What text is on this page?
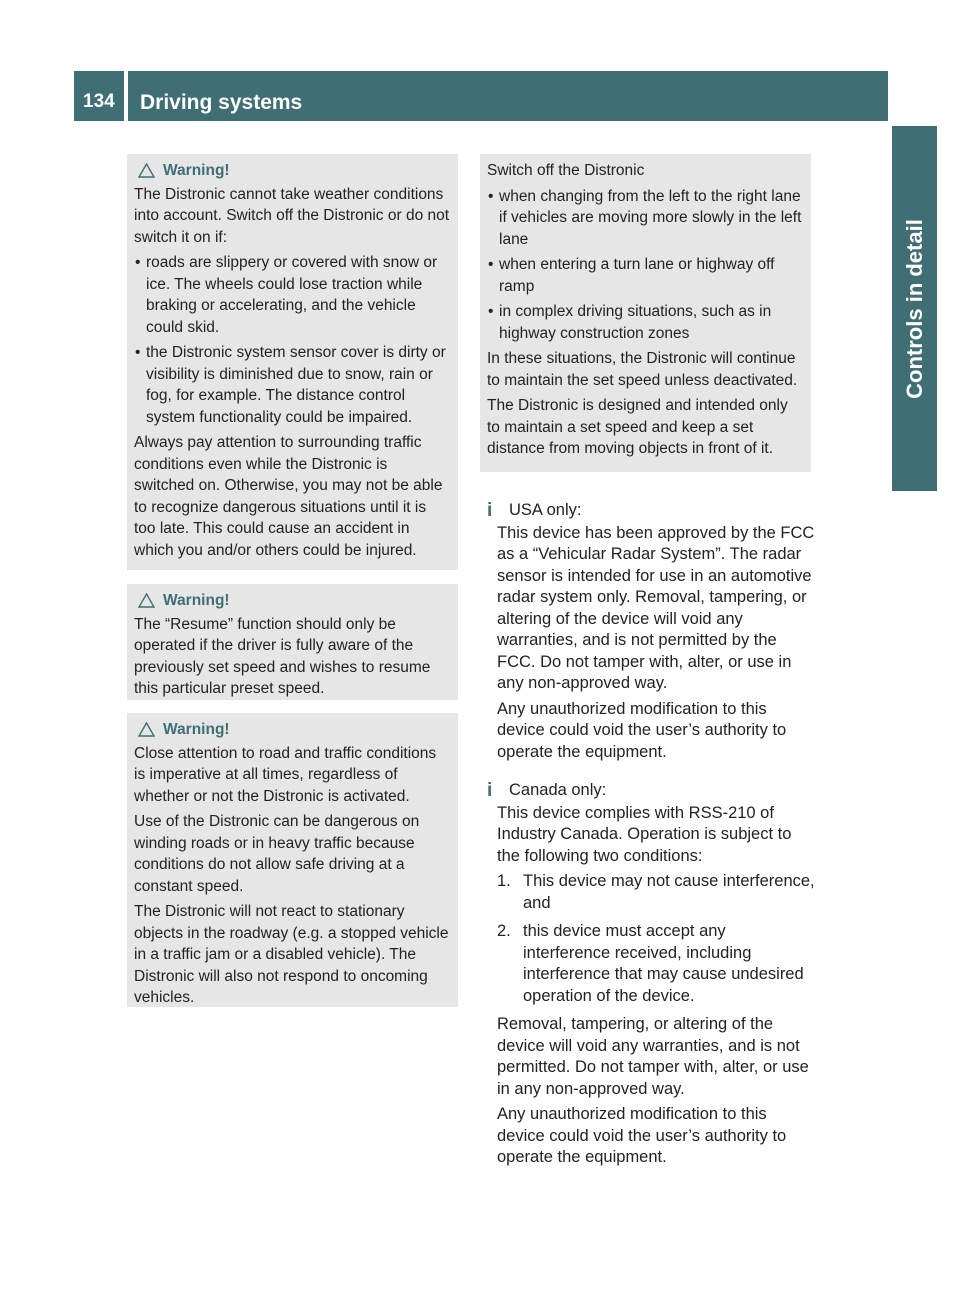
134 Driving systems
Controls in detail
Warning!

The Distronic cannot take weather conditions into account. Switch off the Distronic or do not switch it on if:

• roads are slippery or covered with snow or ice. The wheels could lose traction while braking or accelerating, and the vehicle could skid.
• the Distronic system sensor cover is dirty or visibility is diminished due to snow, rain or fog, for example. The distance control system functionality could be impaired.

Always pay attention to surrounding traffic conditions even while the Distronic is switched on. Otherwise, you may not be able to recognize dangerous situations until it is too late. This could cause an accident in which you and/or others could be injured.

Warning!

The “Resume” function should only be operated if the driver is fully aware of the previously set speed and wishes to resume this particular preset speed.

Warning!

Close attention to road and traffic conditions is imperative at all times, regardless of whether or not the Distronic is activated.

Use of the Distronic can be dangerous on winding roads or in heavy traffic because conditions do not allow safe driving at a constant speed.

The Distronic will not react to stationary objects in the roadway (e.g. a stopped vehicle in a traffic jam or a disabled vehicle). The Distronic will also not respond to oncoming vehicles.

Switch off the Distronic

• when changing from the left to the right lane if vehicles are moving more slowly in the left lane
• when entering a turn lane or highway off ramp
• in complex driving situations, such as in highway construction zones

In these situations, the Distronic will continue to maintain the set speed unless deactivated.

The Distronic is designed and intended only to maintain a set speed and keep a set distance from moving objects in front of it.

i	USA only:

This device has been approved by the FCC as a “Vehicular Radar System”. The radar sensor is intended for use in an automotive radar system only. Removal, tampering, or altering of the device will void any warranties, and is not permitted by the FCC. Do not tamper with, alter, or use in any non-approved way.

Any unauthorized modification to this device could void the user’s authority to operate the equipment.

i	Canada only:

This device complies with RSS-210 of Industry Canada. Operation is subject to the following two conditions:

1. This device may not cause interference, and
2. this device must accept any interference received, including interference that may cause undesired operation of the device.

Removal, tampering, or altering of the device will void any warranties, and is not permitted. Do not tamper with, alter, or use in any non-approved way.

Any unauthorized modification to this device could void the user’s authority to operate the equipment.
